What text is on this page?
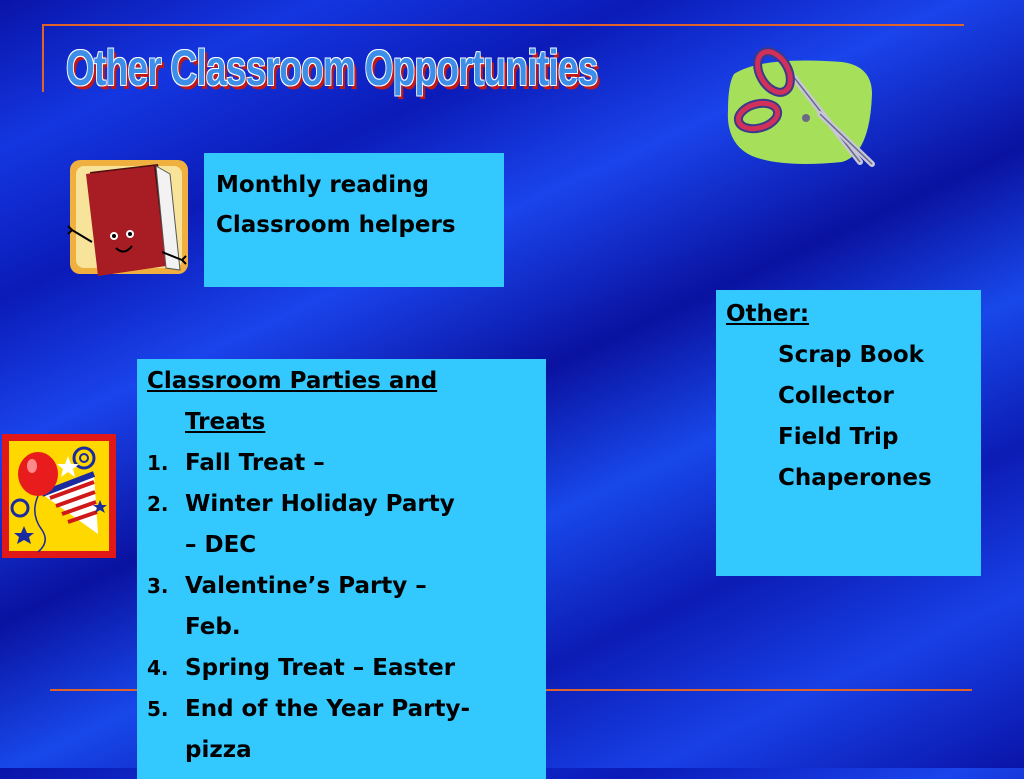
Other Classroom Opportunities
Monthly reading
Classroom helpers
Other:
Scrap Book
Collector
Field Trip
Chaperones
Classroom Parties and
Treats
1. Fall Treat –
2. Winter Holiday Party
– DEC
3. Valentine’s Party –
Feb.
4. Spring Treat – Easter
5. End of the Year Party-
pizza
